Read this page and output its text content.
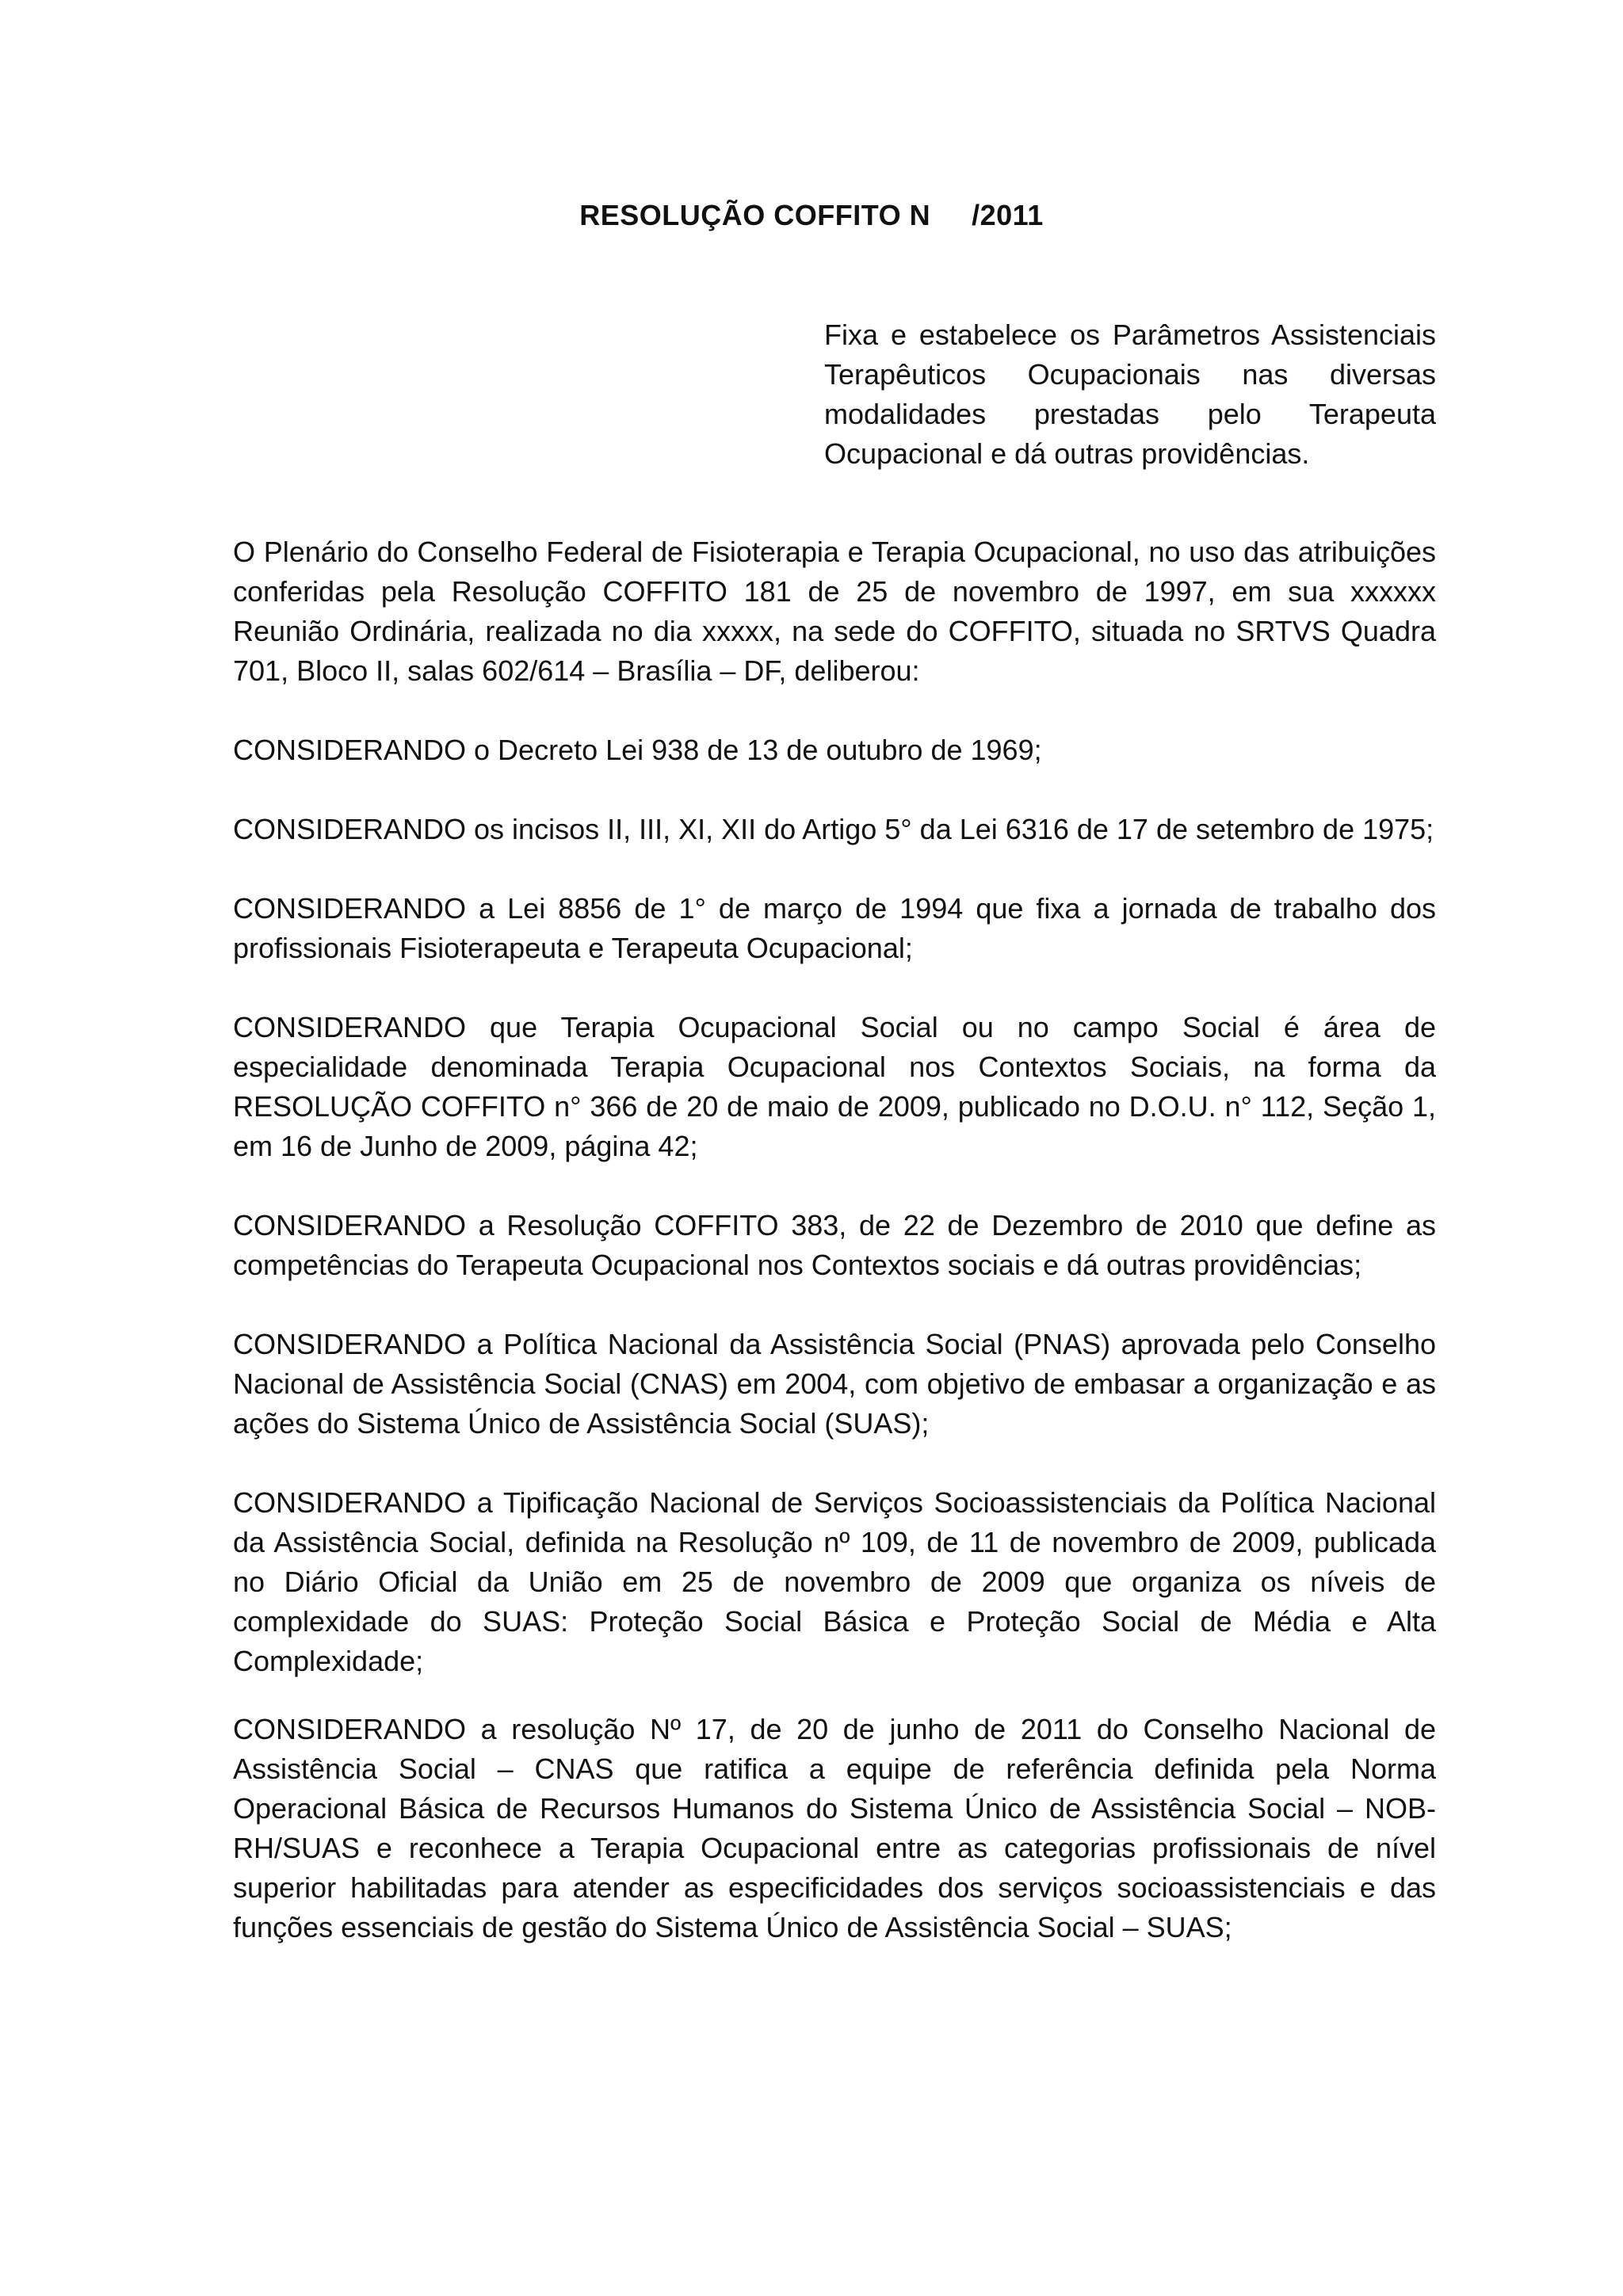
RESOLUÇÃO COFFITO N /2011
Fixa e estabelece os Parâmetros Assistenciais Terapêuticos Ocupacionais nas diversas modalidades prestadas pelo Terapeuta Ocupacional e dá outras providências.

O Plenário do Conselho Federal de Fisioterapia e Terapia Ocupacional, no uso das atribuições conferidas pela Resolução COFFITO 181 de 25 de novembro de 1997, em sua xxxxxx Reunião Ordinária, realizada no dia xxxxx, na sede do COFFITO, situada no SRTVS Quadra 701, Bloco II, salas 602/614 – Brasília – DF, deliberou:

CONSIDERANDO o Decreto Lei 938 de 13 de outubro de 1969;

CONSIDERANDO os incisos II, III, XI, XII do Artigo 5° da Lei 6316 de 17 de setembro de 1975;

CONSIDERANDO a Lei 8856 de 1° de março de 1994 que fixa a jornada de trabalho dos profissionais Fisioterapeuta e Terapeuta Ocupacional;

CONSIDERANDO que Terapia Ocupacional Social ou no campo Social é área de especialidade denominada Terapia Ocupacional nos Contextos Sociais, na forma da RESOLUÇÃO COFFITO n° 366 de 20 de maio de 2009, publicado no D.O.U. n° 112, Seção 1, em 16 de Junho de 2009, página 42;

CONSIDERANDO a Resolução COFFITO 383, de 22 de Dezembro de 2010 que define as competências do Terapeuta Ocupacional nos Contextos sociais e dá outras providências;

CONSIDERANDO a Política Nacional da Assistência Social (PNAS) aprovada pelo Conselho Nacional de Assistência Social (CNAS) em 2004, com objetivo de embasar a organização e as ações do Sistema Único de Assistência Social (SUAS);

CONSIDERANDO a Tipificação Nacional de Serviços Socioassistenciais da Política Nacional da Assistência Social, definida na Resolução nº 109, de 11 de novembro de 2009, publicada no Diário Oficial da União em 25 de novembro de 2009 que organiza os níveis de complexidade do SUAS: Proteção Social Básica e Proteção Social de Média e Alta Complexidade;

CONSIDERANDO a resolução Nº 17, de 20 de junho de 2011 do Conselho Nacional de Assistência Social – CNAS que ratifica a equipe de referência definida pela Norma Operacional Básica de Recursos Humanos do Sistema Único de Assistência Social – NOB-RH/SUAS e reconhece a Terapia Ocupacional entre as categorias profissionais de nível superior habilitadas para atender as especificidades dos serviços socioassistenciais e das funções essenciais de gestão do Sistema Único de Assistência Social – SUAS;
